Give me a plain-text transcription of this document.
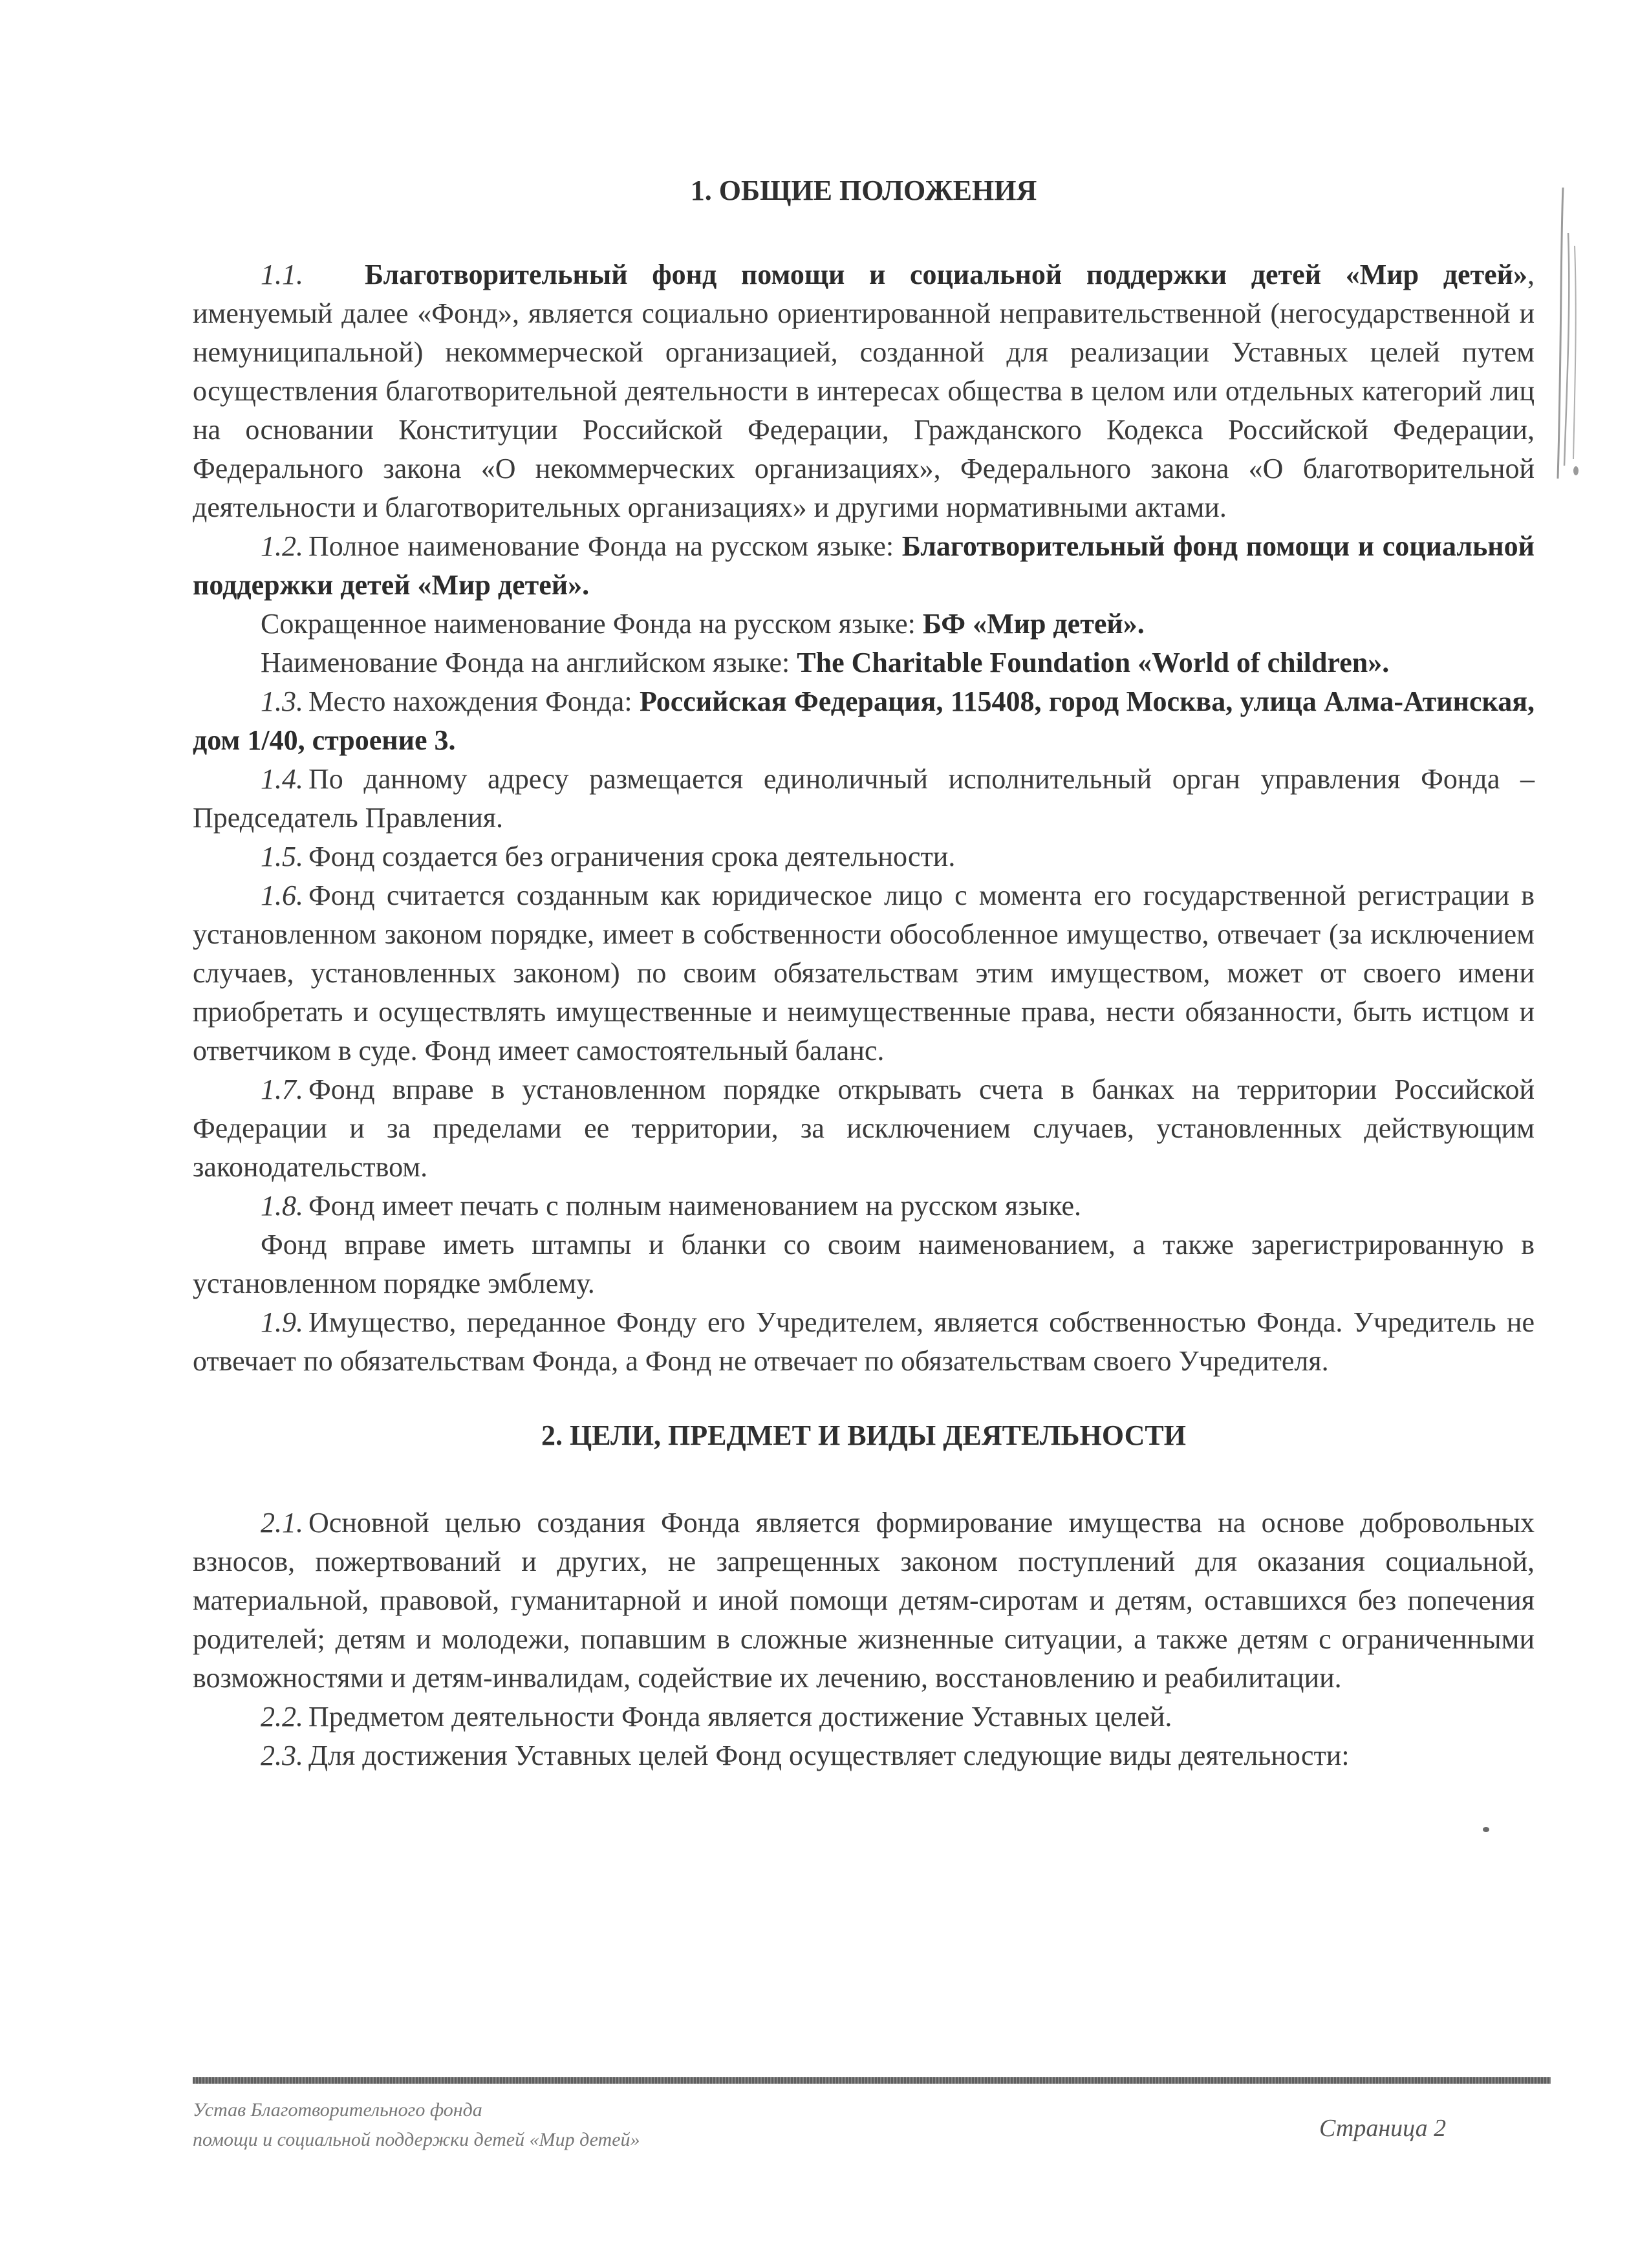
1. ОБЩИЕ ПОЛОЖЕНИЯ

1.1. Благотворительный фонд помощи и социальной поддержки детей «Мир детей», именуемый далее «Фонд», является социально ориентированной неправительственной (негосударственной и немуниципальной) некоммерческой организацией, созданной для реализации Уставных целей путем осуществления благотворительной деятельности в интересах общества в целом или отдельных категорий лиц на основании Конституции Российской Федерации, Гражданского Кодекса Российской Федерации, Федерального закона «О некоммерческих организациях», Федерального закона «О благотворительной деятельности и благотворительных организациях» и другими нормативными актами.

1.2. Полное наименование Фонда на русском языке: Благотворительный фонд помощи и социальной поддержки детей «Мир детей».

Сокращенное наименование Фонда на русском языке: БФ «Мир детей».

Наименование Фонда на английском языке: The Charitable Foundation «World of children».

1.3. Место нахождения Фонда: Российская Федерация, 115408, город Москва, улица Алма-Атинская, дом 1/40, строение 3.

1.4. По данному адресу размещается единоличный исполнительный орган управления Фонда – Председатель Правления.

1.5. Фонд создается без ограничения срока деятельности.

1.6. Фонд считается созданным как юридическое лицо с момента его государственной регистрации в установленном законом порядке, имеет в собственности обособленное имущество, отвечает (за исключением случаев, установленных законом) по своим обязательствам этим имуществом, может от своего имени приобретать и осуществлять имущественные и неимущественные права, нести обязанности, быть истцом и ответчиком в суде. Фонд имеет самостоятельный баланс.

1.7. Фонд вправе в установленном порядке открывать счета в банках на территории Российской Федерации и за пределами ее территории, за исключением случаев, установленных действующим законодательством.

1.8. Фонд имеет печать с полным наименованием на русском языке.

Фонд вправе иметь штампы и бланки со своим наименованием, а также зарегистрированную в установленном порядке эмблему.

1.9. Имущество, переданное Фонду его Учредителем, является собственностью Фонда. Учредитель не отвечает по обязательствам Фонда, а Фонд не отвечает по обязательствам своего Учредителя.

2. ЦЕЛИ, ПРЕДМЕТ И ВИДЫ ДЕЯТЕЛЬНОСТИ

2.1. Основной целью создания Фонда является формирование имущества на основе добровольных взносов, пожертвований и других, не запрещенных законом поступлений для оказания социальной, материальной, правовой, гуманитарной и иной помощи детям-сиротам и детям, оставшихся без попечения родителей; детям и молодежи, попавшим в сложные жизненные ситуации, а также детям с ограниченными возможностями и детям-инвалидам, содействие их лечению, восстановлению и реабилитации.

2.2. Предметом деятельности Фонда является достижение Уставных целей.

2.3. Для достижения Уставных целей Фонд осуществляет следующие виды деятельности:

Устав Благотворительного фонда
помощи и социальной поддержки детей «Мир детей»	Страница 2
